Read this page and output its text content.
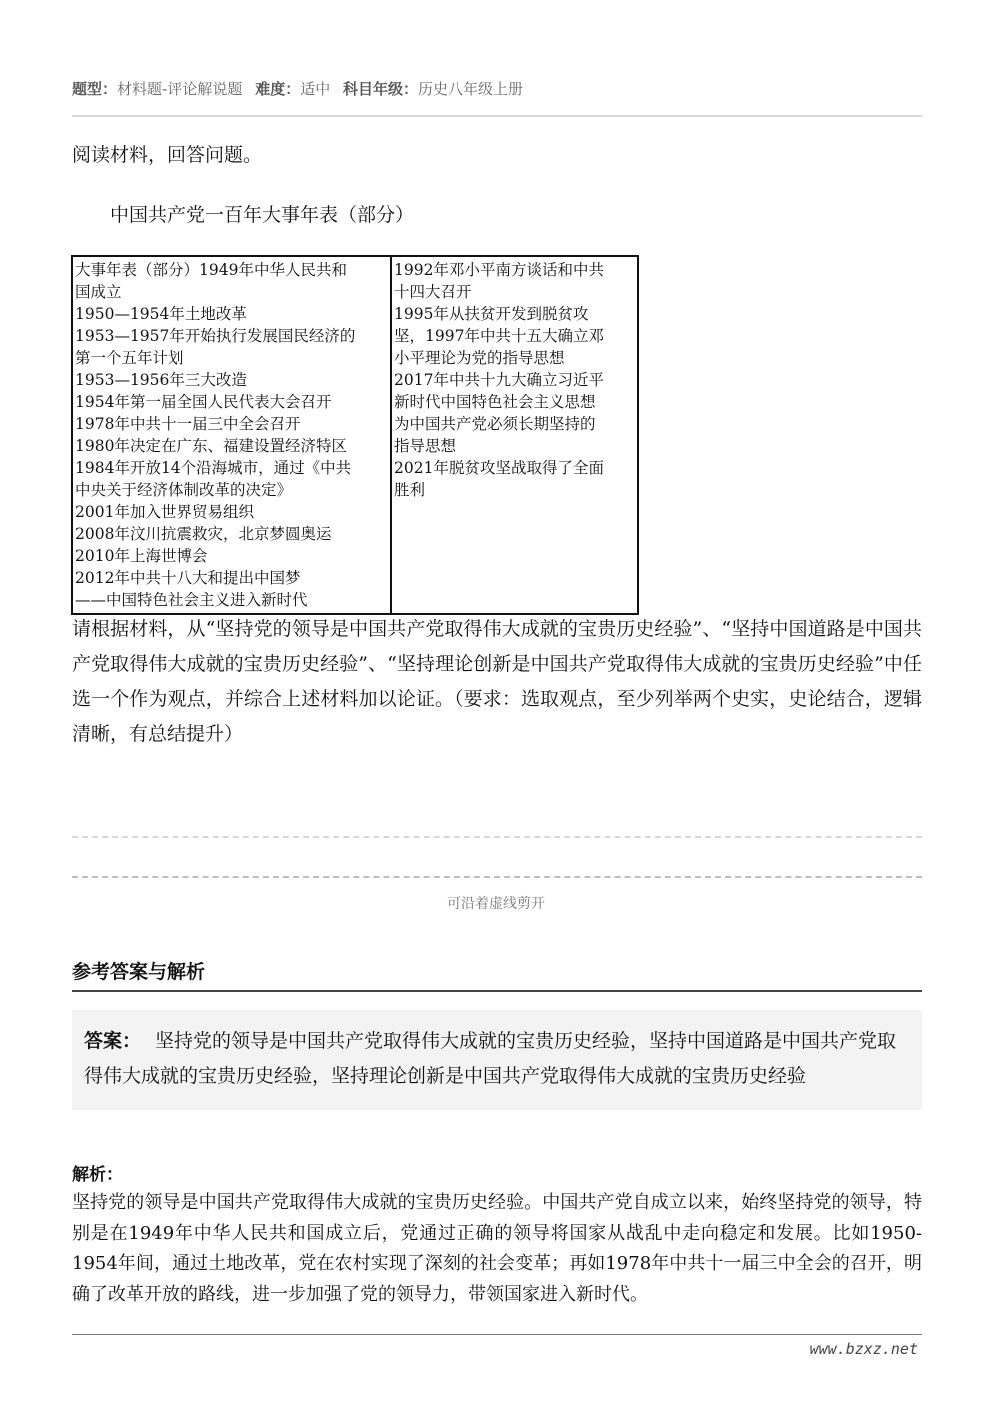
题型：材料题-评论解说题 难度：适中 科目年级：历史八年级上册
阅读材料，回答问题。
中国共产党一百年大事年表（部分）
大事年表（部分）1949年中华人民共和
国成立
1950—1954年土地改革
1953—1957年开始执行发展国民经济的
第一个五年计划
1953—1956年三大改造
1954年第一届全国人民代表大会召开
1978年中共十一届三中全会召开
1980年决定在广东、福建设置经济特区
1984年开放14个沿海城市，通过《中共
中央关于经济体制改革的决定》
2001年加入世界贸易组织
2008年汶川抗震救灾，北京梦圆奥运
2010年上海世博会
2012年中共十八大和提出中国梦
——中国特色社会主义进入新时代

1992年邓小平南方谈话和中共
十四大召开
1995年从扶贫开发到脱贫攻
坚，1997年中共十五大确立邓
小平理论为党的指导思想
2017年中共十九大确立习近平
新时代中国特色社会主义思想
为中国共产党必须长期坚持的
指导思想
2021年脱贫攻坚战取得了全面
胜利
请根据材料，从“坚持党的领导是中国共产党取得伟大成就的宝贵历史经验”、“坚持中国道路是中国共产党取得伟大成就的宝贵历史经验”、“坚持理论创新是中国共产党取得伟大成就的宝贵历史经验”中任选一个作为观点，并综合上述材料加以论证。（要求：选取观点，至少列举两个史实，史论结合，逻辑清晰，有总结提升）
可沿着虚线剪开
参考答案与解析
答案： 坚持党的领导是中国共产党取得伟大成就的宝贵历史经验，坚持中国道路是中国共产党取得伟大成就的宝贵历史经验，坚持理论创新是中国共产党取得伟大成就的宝贵历史经验
解析：
坚持党的领导是中国共产党取得伟大成就的宝贵历史经验。中国共产党自成立以来，始终坚持党的领导，特别是在1949年中华人民共和国成立后，党通过正确的领导将国家从战乱中走向稳定和发展。比如1950-1954年间，通过土地改革，党在农村实现了深刻的社会变革；再如1978年中共十一届三中全会的召开，明确了改革开放的路线，进一步加强了党的领导力，带领国家进入新时代。
www.bzxz.net
